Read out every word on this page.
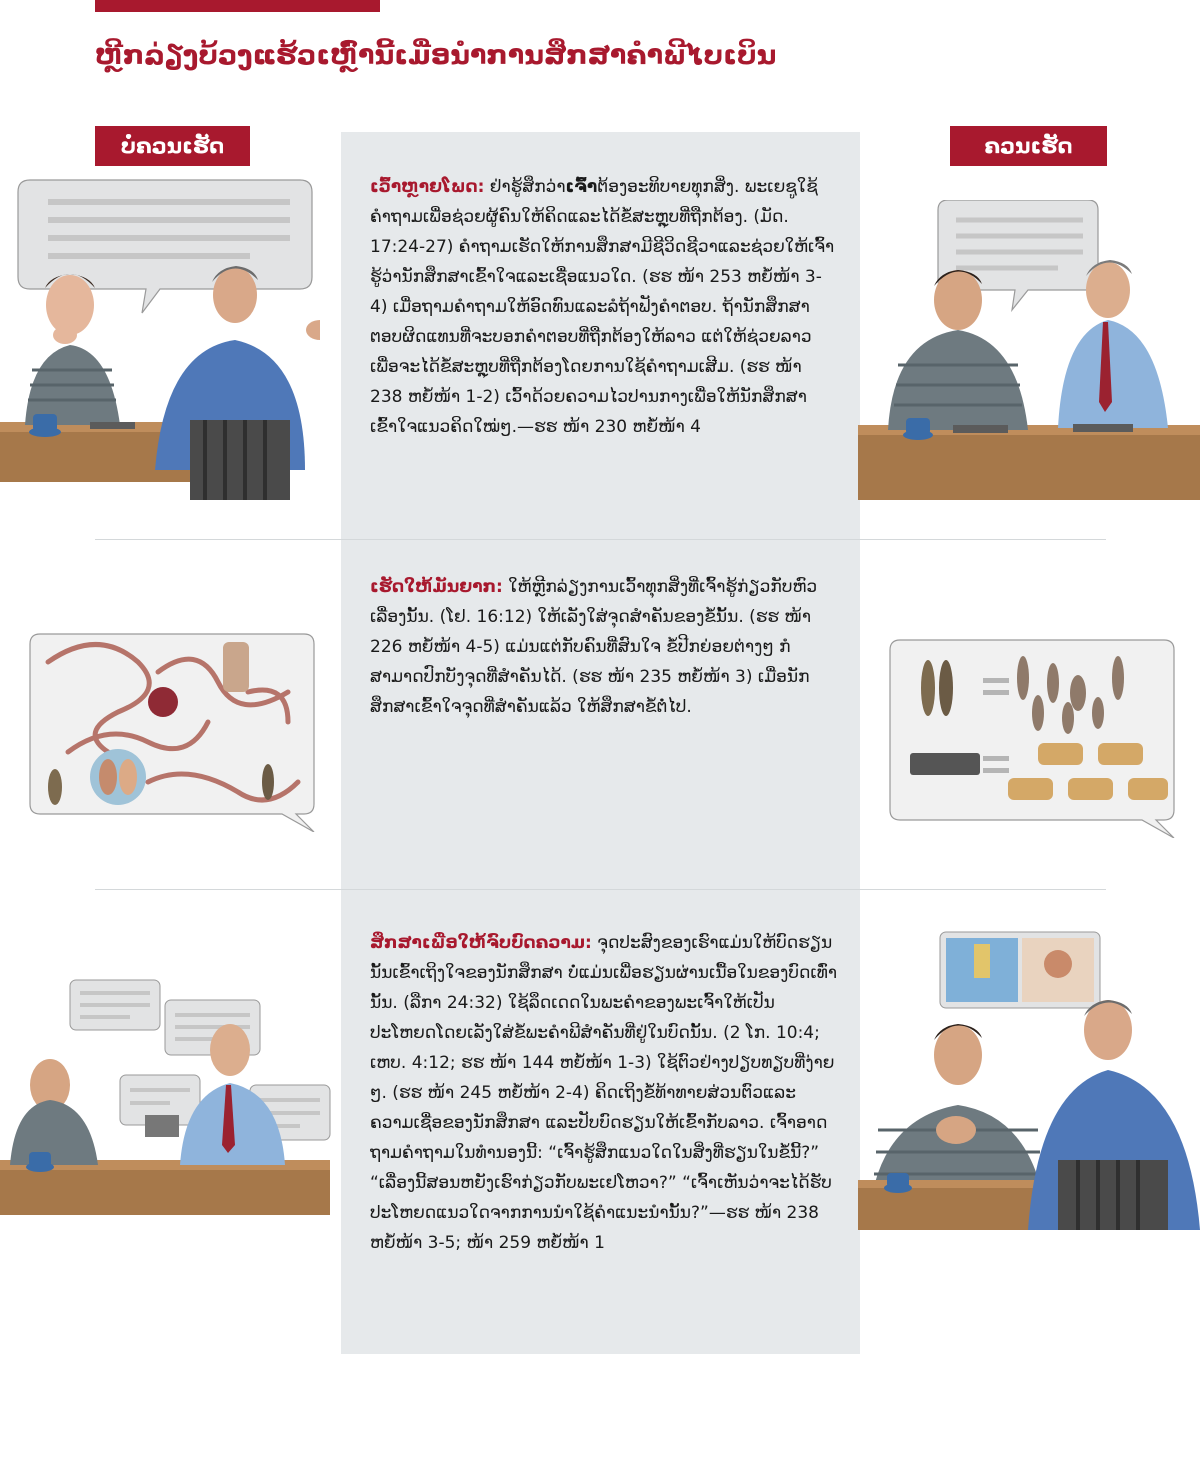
ຫຼີກລ່ຽງບ້ວງແຮ້ວເຫຼົ່ານີ້ເມື່ອນຳການສຶກສາຄຳພີໄບເບິນ
ບໍ່ຄວນເຮັດ	ຄວນເຮັດ

ເວົ້າຫຼາຍໂພດ: ຢ່າຮູ້ສຶກວ່າເຈົ້າຕ້ອງອະທິບາຍທຸກສິ່ງ. ພະເຍຊູໃຊ້ຄຳຖາມເພື່ອຊ່ວຍຜູ້ຄົນໃຫ້ຄິດແລະໄດ້ຂໍ້ສະຫຼຸບທີ່ຖືກຕ້ອງ. (ມັດ. 17:24-27) ຄຳຖາມເຮັດໃຫ້ການສຶກສາມີຊີວິດຊີວາແລະຊ່ວຍໃຫ້ເຈົ້າຮູ້ວ່ານັກສຶກສາເຂົ້າໃຈແລະເຊື່ອແນວໃດ. (ຮຮ ໜ້າ 253 ຫຍໍ້ໜ້າ 3-4) ເມື່ອຖາມຄຳຖາມໃຫ້ອົດທົນແລະລໍຖ້າຟັງຄຳຕອບ. ຖ້ານັກສຶກສາຕອບຜິດແທນທີ່ຈະບອກຄຳຕອບທີ່ຖືກຕ້ອງໃຫ້ລາວ ແຕ່ໃຫ້ຊ່ວຍລາວເພື່ອຈະໄດ້ຂໍ້ສະຫຼຸບທີ່ຖືກຕ້ອງໂດຍການໃຊ້ຄຳຖາມເສີມ. (ຮຮ ໜ້າ 238 ຫຍໍ້ໜ້າ 1-2) ເວົ້າດ້ວຍຄວາມໄວປານກາງເພື່ອໃຫ້ນັກສຶກສາເຂົ້າໃຈແນວຄິດໃໝ່ໆ.—ຮຮ ໜ້າ 230 ຫຍໍ້ໜ້າ 4

ເຮັດໃຫ້ມັນຍາກ: ໃຫ້ຫຼີກລ່ຽງການເວົ້າທຸກສິ່ງທີ່ເຈົ້າຮູ້ກ່ຽວກັບຫົວເລື່ອງນັ້ນ. (ໂຢ. 16:12) ໃຫ້ເລັງໃສ່ຈຸດສຳຄັນຂອງຂໍ້ນັ້ນ. (ຮຮ ໜ້າ 226 ຫຍໍ້ໜ້າ 4-5) ແມ່ນແຕ່ກັບຄົນທີ່ສົນໃຈ ຂໍ້ປີກຍ່ອຍຕ່າງໆ ກໍສາມາດປົກບັງຈຸດທີ່ສຳຄັນໄດ້. (ຮຮ ໜ້າ 235 ຫຍໍ້ໜ້າ 3) ເມື່ອນັກສຶກສາເຂົ້າໃຈຈຸດທີ່ສຳຄັນແລ້ວ ໃຫ້ສຶກສາຂໍ້ຕໍ່ໄປ.

ສຶກສາເພື່ອໃຫ້ຈົບບົດຄວາມ: ຈຸດປະສົງຂອງເຮົາແມ່ນໃຫ້ບົດຮຽນນັ້ນເຂົ້າເຖິງໃຈຂອງນັກສຶກສາ ບໍ່ແມ່ນເພື່ອຮຽນຜ່ານເນື້ອໃນຂອງບົດເທົ່ານັ້ນ. (ລືກາ 24:32) ໃຊ້ລຶດເດດໃນພະຄຳຂອງພະເຈົ້າໃຫ້ເປັນປະໂຫຍດໂດຍເລັງໃສ່ຂໍ້ພະຄຳພີສຳຄັນທີ່ຢູ່ໃນບົດນັ້ນ. (2 ໂກ. 10:4; ເຫບ. 4:12; ຮຮ ໜ້າ 144 ຫຍໍ້ໜ້າ 1-3) ໃຊ້ຕົວຢ່າງປຽບທຽບທີ່ງ່າຍໆ. (ຮຮ ໜ້າ 245 ຫຍໍ້ໜ້າ 2-4) ຄິດເຖິງຂໍ້ທ້າທາຍສ່ວນຕົວແລະຄວາມເຊື່ອຂອງນັກສຶກສາ ແລະປັບບົດຮຽນໃຫ້ເຂົ້າກັບລາວ. ເຈົ້າອາດຖາມຄຳຖາມໃນທຳນອງນີ້: “ເຈົ້າຮູ້ສຶກແນວໃດໃນສິ່ງທີ່ຮຽນໃນຂໍ້ນີ້?” “ເລື່ອງນີ້ສອນຫຍັງເຮົາກ່ຽວກັບພະເຢໂຫວາ?” “ເຈົ້າເຫັນວ່າຈະໄດ້ຮັບປະໂຫຍດແນວໃດຈາກການນຳໃຊ້ຄຳແນະນຳນັ້ນ?”—ຮຮ ໜ້າ 238 ຫຍໍ້ໜ້າ 3-5; ໜ້າ 259 ຫຍໍ້ໜ້າ 1
